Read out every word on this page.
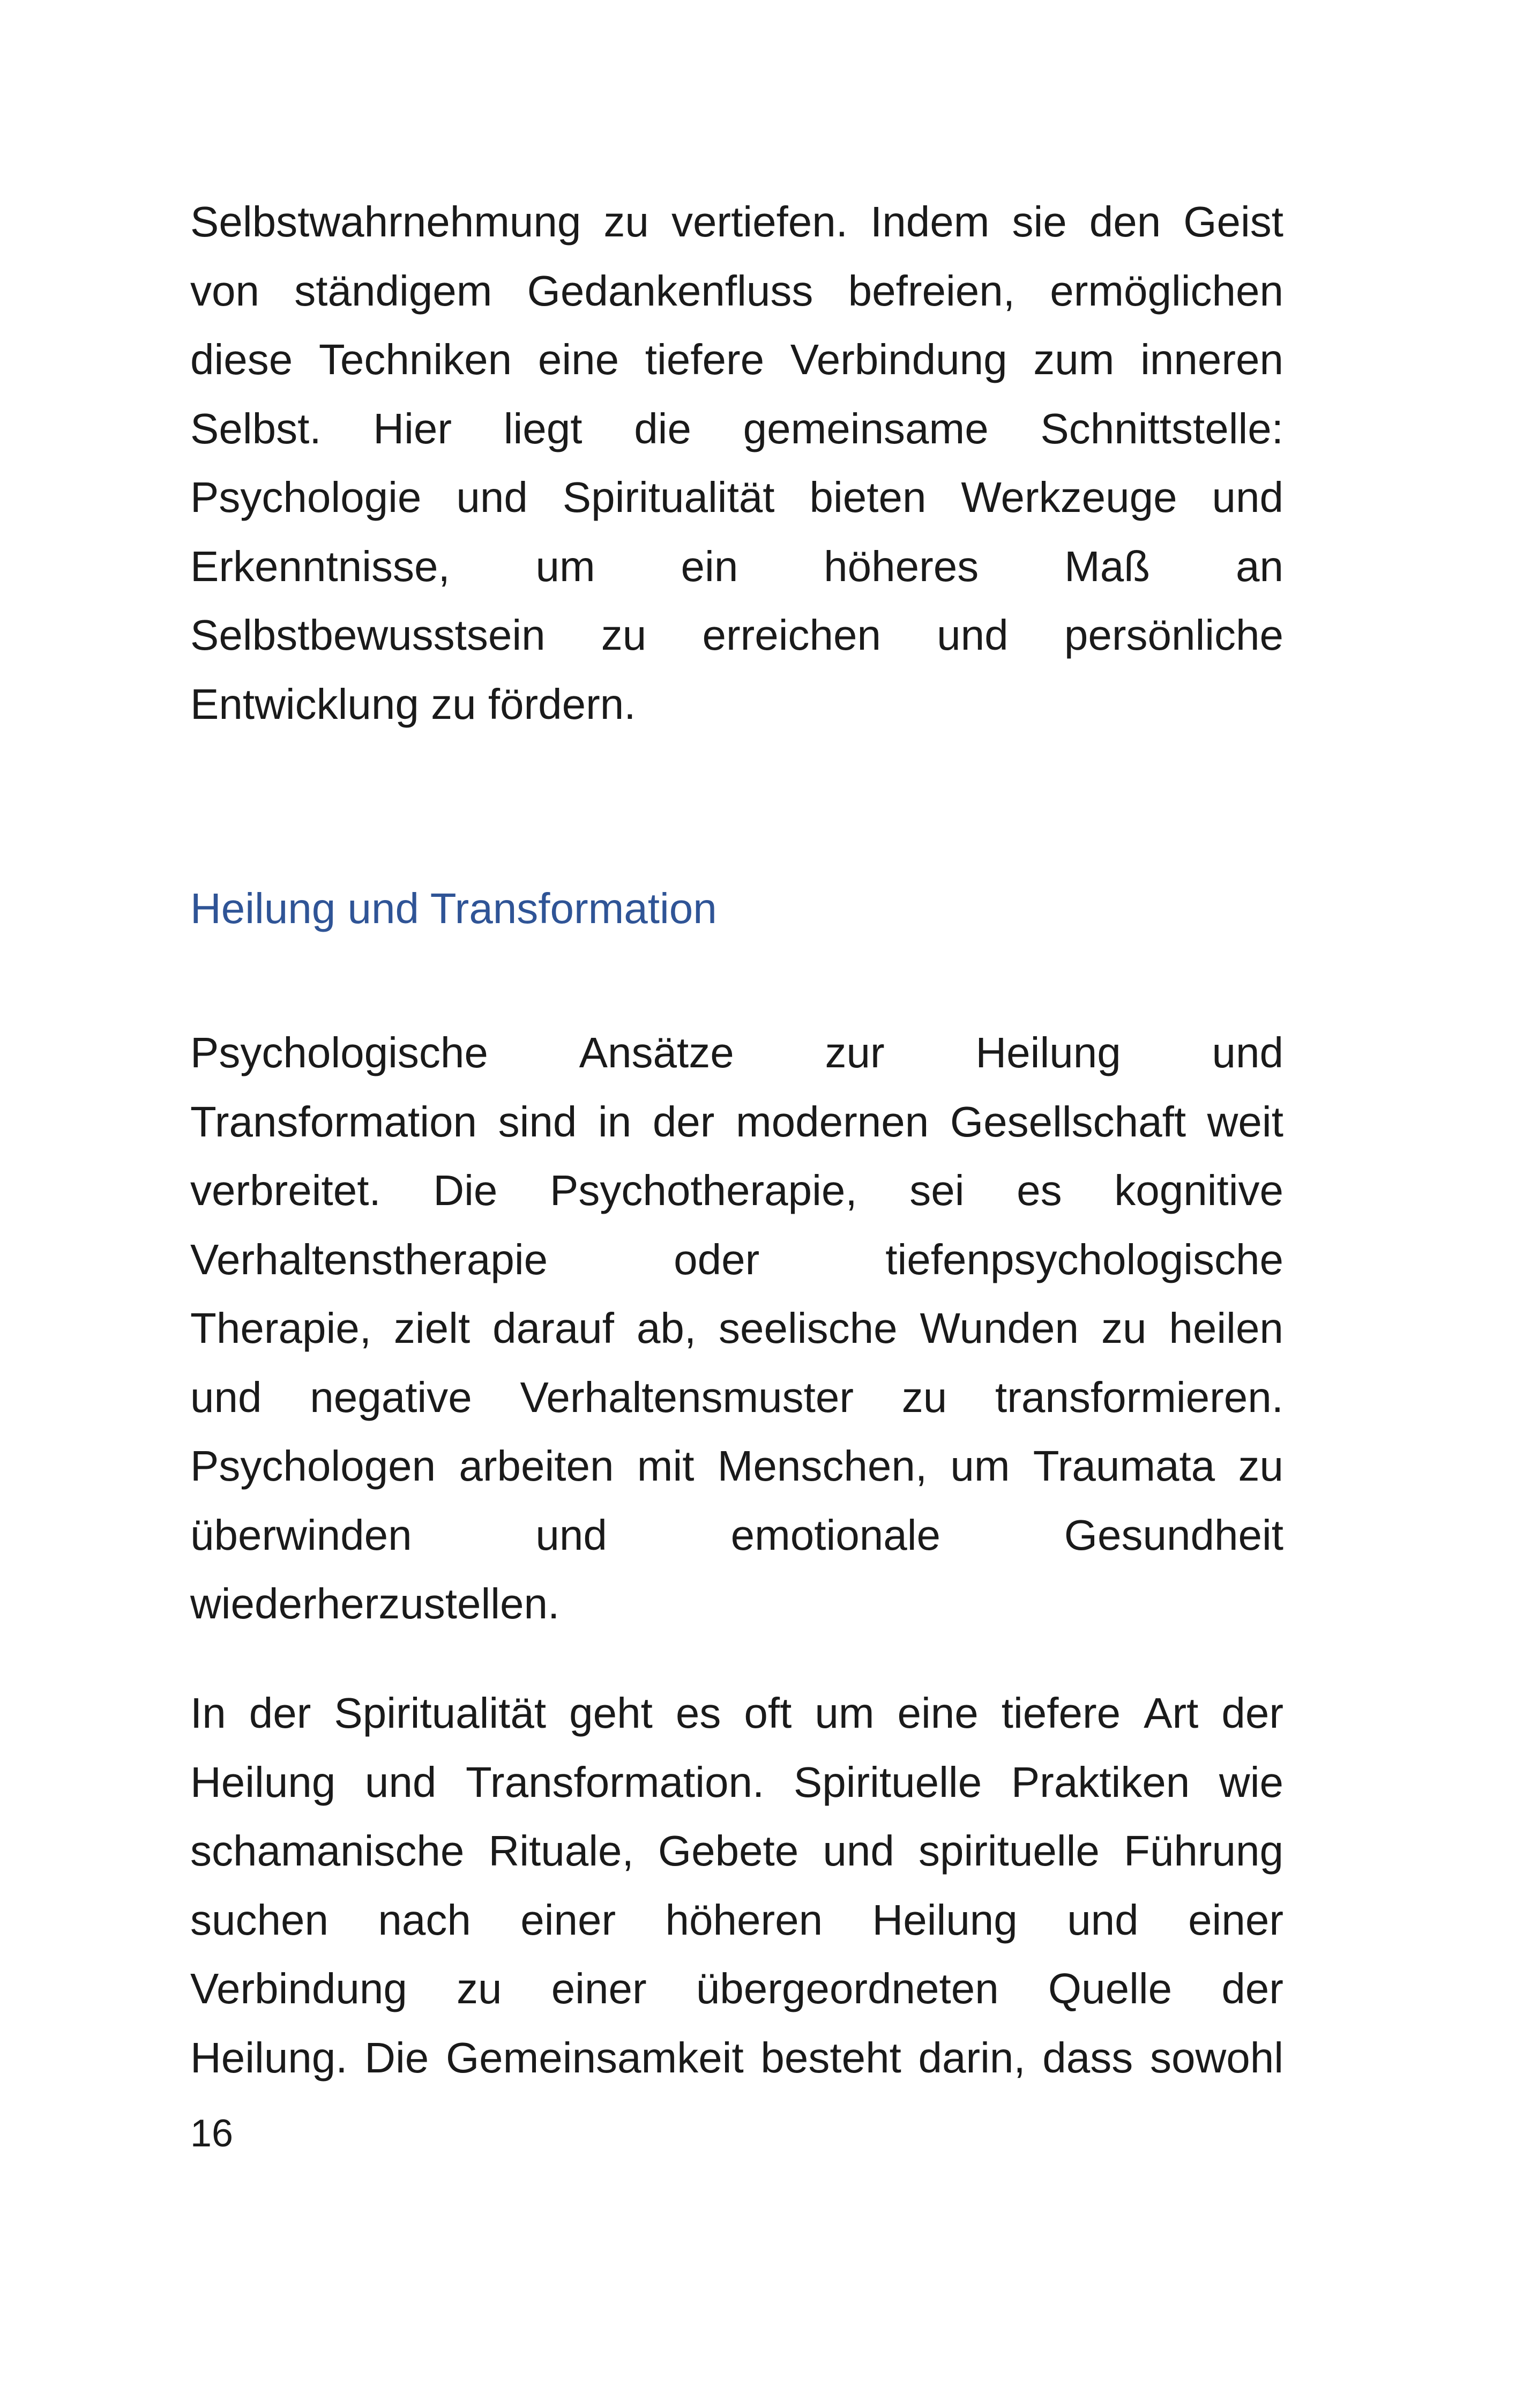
Selbstwahrnehmung zu vertiefen. Indem sie den Geist
von ständigem Gedankenfluss befreien, ermöglichen
diese Techniken eine tiefere Verbindung zum inneren
Selbst. Hier liegt die gemeinsame Schnittstelle:
Psychologie und Spiritualität bieten Werkzeuge und
Erkenntnisse, um ein höheres Maß an
Selbstbewusstsein zu erreichen und persönliche
Entwicklung zu fördern.
Heilung und Transformation
Psychologische Ansätze zur Heilung und
Transformation sind in der modernen Gesellschaft weit
verbreitet. Die Psychotherapie, sei es kognitive
Verhaltenstherapie	oder	tiefenpsychologische
Therapie, zielt darauf ab, seelische Wunden zu heilen
und negative Verhaltensmuster zu transformieren.
Psychologen arbeiten mit Menschen, um Traumata zu
überwinden	und	emotionale	Gesundheit
wiederherzustellen.
In der Spiritualität geht es oft um eine tiefere Art der
Heilung und Transformation. Spirituelle Praktiken wie
schamanische Rituale, Gebete und spirituelle Führung
suchen nach einer höheren Heilung und einer
Verbindung zu einer übergeordneten Quelle der
Heilung. Die Gemeinsamkeit besteht darin, dass sowohl
16
